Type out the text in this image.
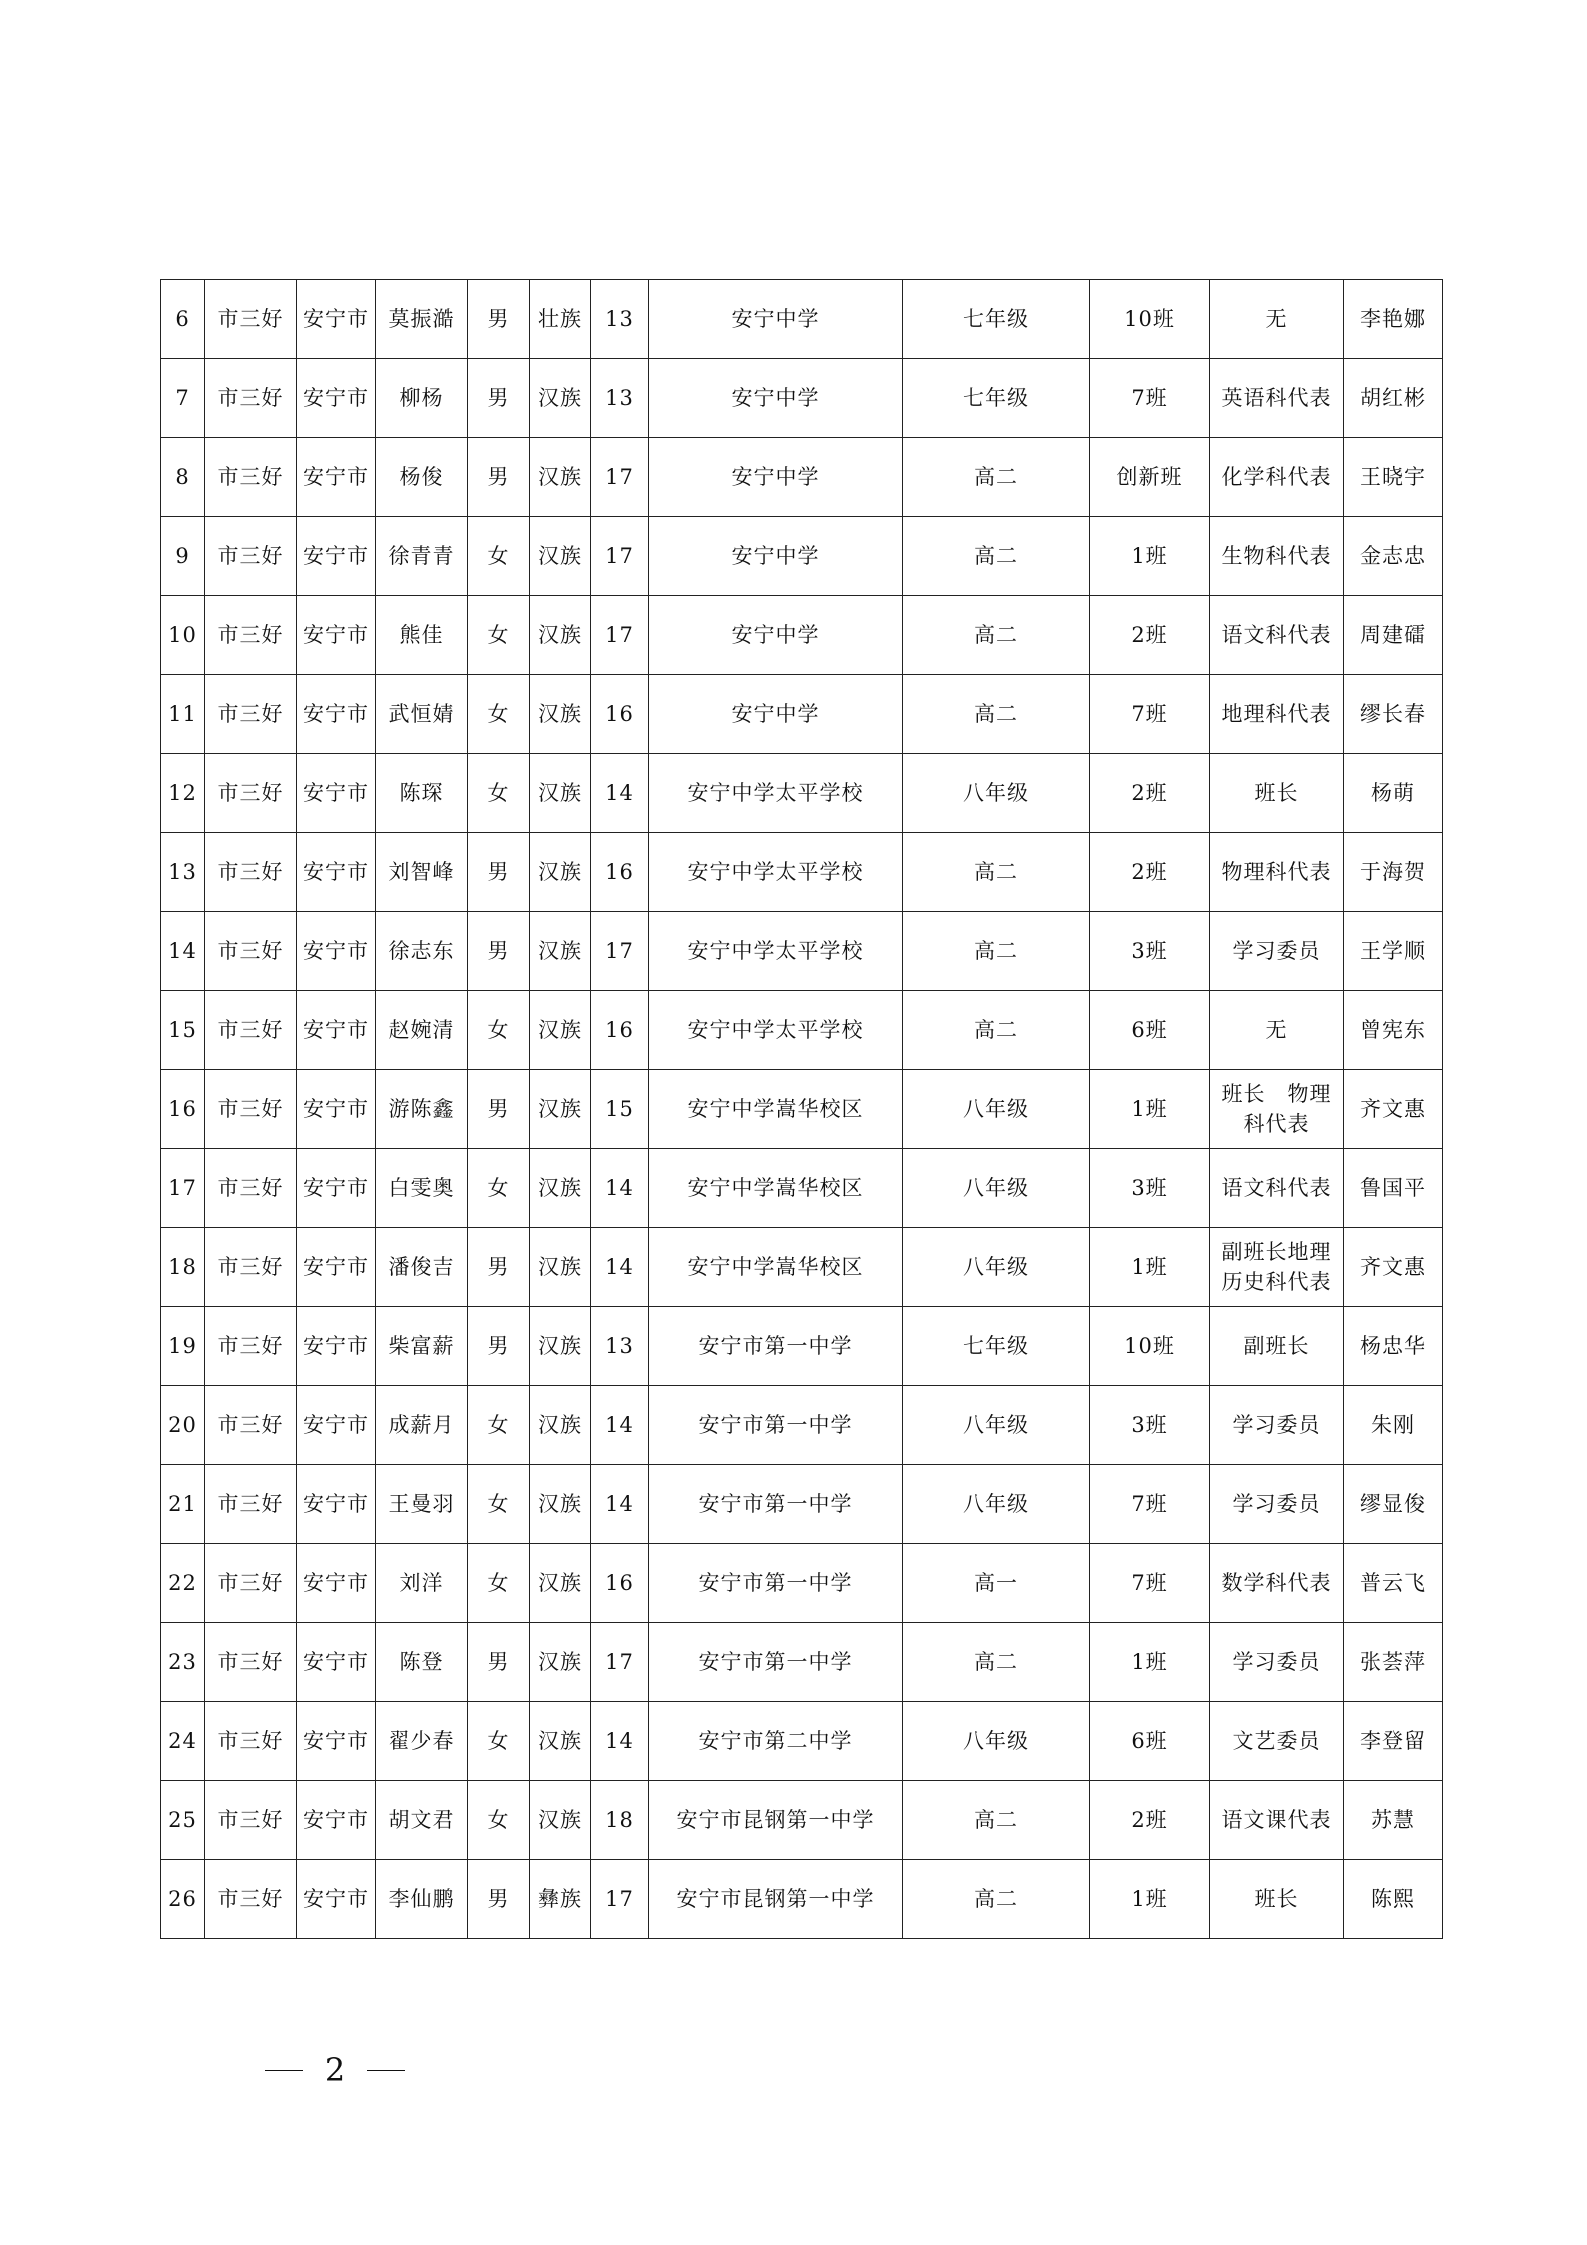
6	市三好	安宁市	莫振澔	男	壮族	13	安宁中学	七年级	10班	无	李艳娜
7	市三好	安宁市	柳杨	男	汉族	13	安宁中学	七年级	7班	英语科代表	胡红彬
8	市三好	安宁市	杨俊	男	汉族	17	安宁中学	高二	创新班	化学科代表	王晓宇
9	市三好	安宁市	徐青青	女	汉族	17	安宁中学	高二	1班	生物科代表	金志忠
10	市三好	安宁市	熊佳	女	汉族	17	安宁中学	高二	2班	语文科代表	周建礌
11	市三好	安宁市	武恒婧	女	汉族	16	安宁中学	高二	7班	地理科代表	缪长春
12	市三好	安宁市	陈琛	女	汉族	14	安宁中学太平学校	八年级	2班	班长	杨萌
13	市三好	安宁市	刘智峰	男	汉族	16	安宁中学太平学校	高二	2班	物理科代表	于海贺
14	市三好	安宁市	徐志东	男	汉族	17	安宁中学太平学校	高二	3班	学习委员	王学顺
15	市三好	安宁市	赵婉清	女	汉族	16	安宁中学太平学校	高二	6班	无	曾宪东
16	市三好	安宁市	游陈鑫	男	汉族	15	安宁中学嵩华校区	八年级	1班	班长　物理科代表	齐文惠
17	市三好	安宁市	白雯奥	女	汉族	14	安宁中学嵩华校区	八年级	3班	语文科代表	鲁国平
18	市三好	安宁市	潘俊吉	男	汉族	14	安宁中学嵩华校区	八年级	1班	副班长地理历史科代表	齐文惠
19	市三好	安宁市	柴富薪	男	汉族	13	安宁市第一中学	七年级	10班	副班长	杨忠华
20	市三好	安宁市	成薪月	女	汉族	14	安宁市第一中学	八年级	3班	学习委员	朱刚
21	市三好	安宁市	王曼羽	女	汉族	14	安宁市第一中学	八年级	7班	学习委员	缪显俊
22	市三好	安宁市	刘洋	女	汉族	16	安宁市第一中学	高一	7班	数学科代表	普云飞
23	市三好	安宁市	陈登	男	汉族	17	安宁市第一中学	高二	1班	学习委员	张荟萍
24	市三好	安宁市	翟少春	女	汉族	14	安宁市第二中学	八年级	6班	文艺委员	李登留
25	市三好	安宁市	胡文君	女	汉族	18	安宁市昆钢第一中学	高二	2班	语文课代表	苏慧
26	市三好	安宁市	李仙鹏	男	彝族	17	安宁市昆钢第一中学	高二	1班	班长	陈熙
2
